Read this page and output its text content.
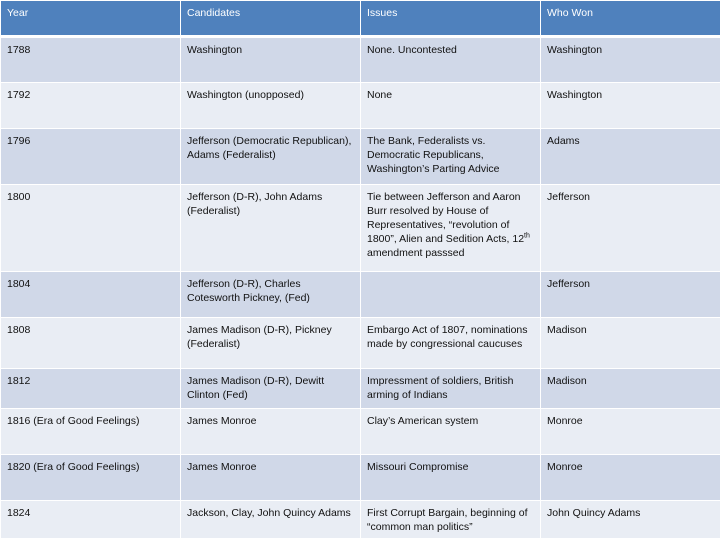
Year	Candidates	Issues	Who Won
1788	Washington	None. Uncontested	Washington
1792	Washington (unopposed)	None	Washington
1796	Jefferson (Democratic Republican), Adams (Federalist)	The Bank, Federalists vs. Democratic Republicans, Washington’s Parting Advice	Adams
1800	Jefferson (D-R), John Adams (Federalist)	Tie between Jefferson and Aaron Burr resolved by House of Representatives, “revolution of 1800”, Alien and Sedition Acts, 12th amendment passsed	Jefferson
1804	Jefferson (D-R), Charles Cotesworth Pickney, (Fed)		Jefferson
1808	James Madison (D-R), Pickney (Federalist)	Embargo Act of 1807, nominations made by congressional caucuses	Madison
1812	James Madison (D-R), Dewitt Clinton (Fed)	Impressment of soldiers, British arming of Indians	Madison
1816 (Era of Good Feelings)	James Monroe	Clay’s American system	Monroe
1820 (Era of Good Feelings)	James Monroe	Missouri Compromise	Monroe
1824	Jackson, Clay, John Quincy Adams	First Corrupt Bargain, beginning of “common man politics”	John Quincy Adams
